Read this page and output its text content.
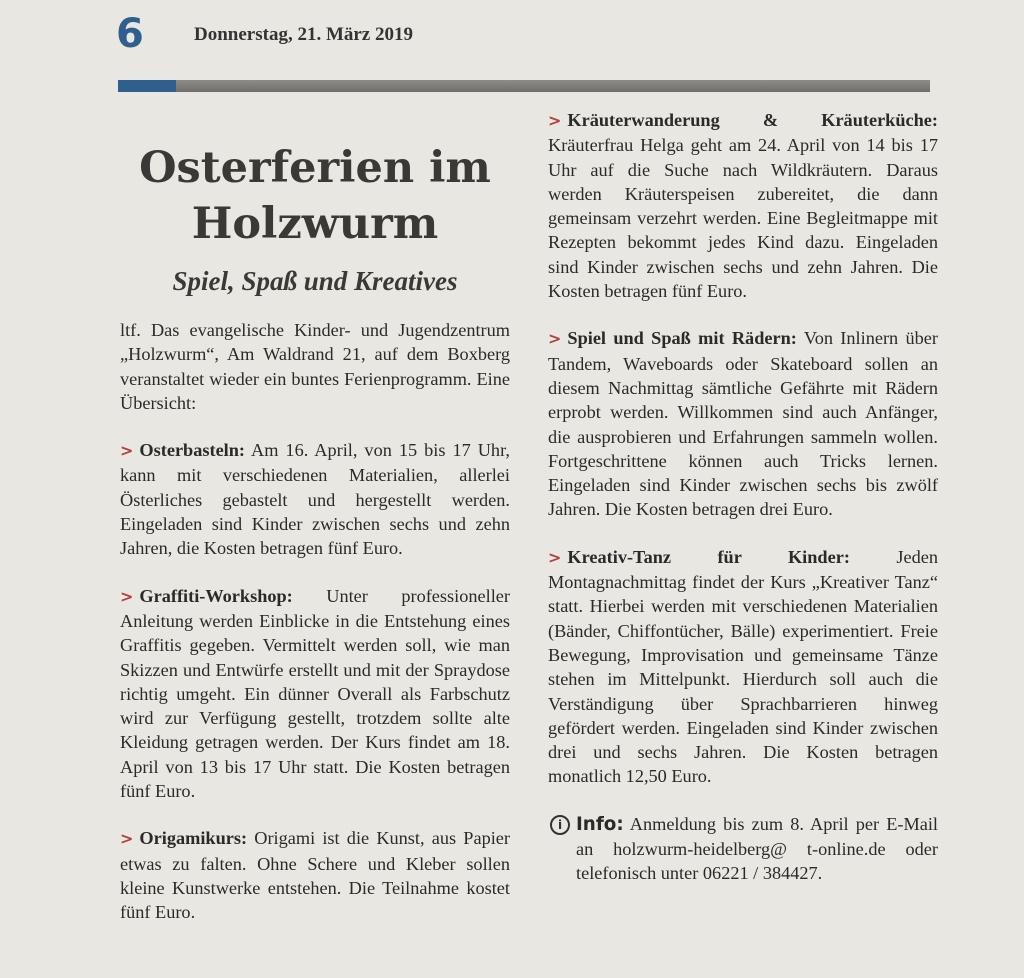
6	Donnerstag, 21. März 2019
Osterferien im Holzwurm
Spiel, Spaß und Kreatives

ltf. Das evangelische Kinder- und Jugendzentrum „Holzwurm“, Am Waldrand 21, auf dem Boxberg veranstaltet wieder ein buntes Ferienprogramm. Eine Übersicht:

> Osterbasteln: Am 16. April, von 15 bis 17 Uhr, kann mit verschiedenen Materialien, allerlei Österliches gebastelt und hergestellt werden. Eingeladen sind Kinder zwischen sechs und zehn Jahren, die Kosten betragen fünf Euro.

> Graffiti-Workshop: Unter professioneller Anleitung werden Einblicke in die Entstehung eines Graffitis gegeben. Vermittelt werden soll, wie man Skizzen und Entwürfe erstellt und mit der Spraydose richtig umgeht. Ein dünner Overall als Farbschutz wird zur Verfügung gestellt, trotzdem sollte alte Kleidung getragen werden. Der Kurs findet am 18. April von 13 bis 17 Uhr statt. Die Kosten betragen fünf Euro.

> Origamikurs: Origami ist die Kunst, aus Papier etwas zu falten. Ohne Schere und Kleber sollen kleine Kunstwerke entstehen. Die Teilnahme kostet fünf Euro.

> Kräuterwanderung & Kräuterküche: Kräuterfrau Helga geht am 24. April von 14 bis 17 Uhr auf die Suche nach Wildkräutern. Daraus werden Kräuterspeisen zubereitet, die dann gemeinsam verzehrt werden. Eine Begleitmappe mit Rezepten bekommt jedes Kind dazu. Eingeladen sind Kinder zwischen sechs und zehn Jahren. Die Kosten betragen fünf Euro.

> Spiel und Spaß mit Rädern: Von Inlinern über Tandem, Waveboards oder Skateboard sollen an diesem Nachmittag sämtliche Gefährte mit Rädern erprobt werden. Willkommen sind auch Anfänger, die ausprobieren und Erfahrungen sammeln wollen. Fortgeschrittene können auch Tricks lernen. Eingeladen sind Kinder zwischen sechs bis zwölf Jahren. Die Kosten betragen drei Euro.

> Kreativ-Tanz für Kinder:	Jeden Montagnachmittag findet der Kurs „Kreativer Tanz“ statt. Hierbei werden mit verschiedenen Materialien (Bänder, Chiffontücher, Bälle) experimentiert. Freie Bewegung, Improvisation und gemeinsame Tänze stehen im Mittelpunkt. Hierdurch soll auch die Verständigung über Sprachbarrieren hinweg gefördert werden. Eingeladen sind Kinder zwischen drei und sechs Jahren. Die Kosten betragen monatlich 12,50 Euro.

i Info: Anmeldung bis zum 8. April per E-Mail an holzwurm-heidelberg@ t-online.de oder telefonisch unter 06221 / 384427.
